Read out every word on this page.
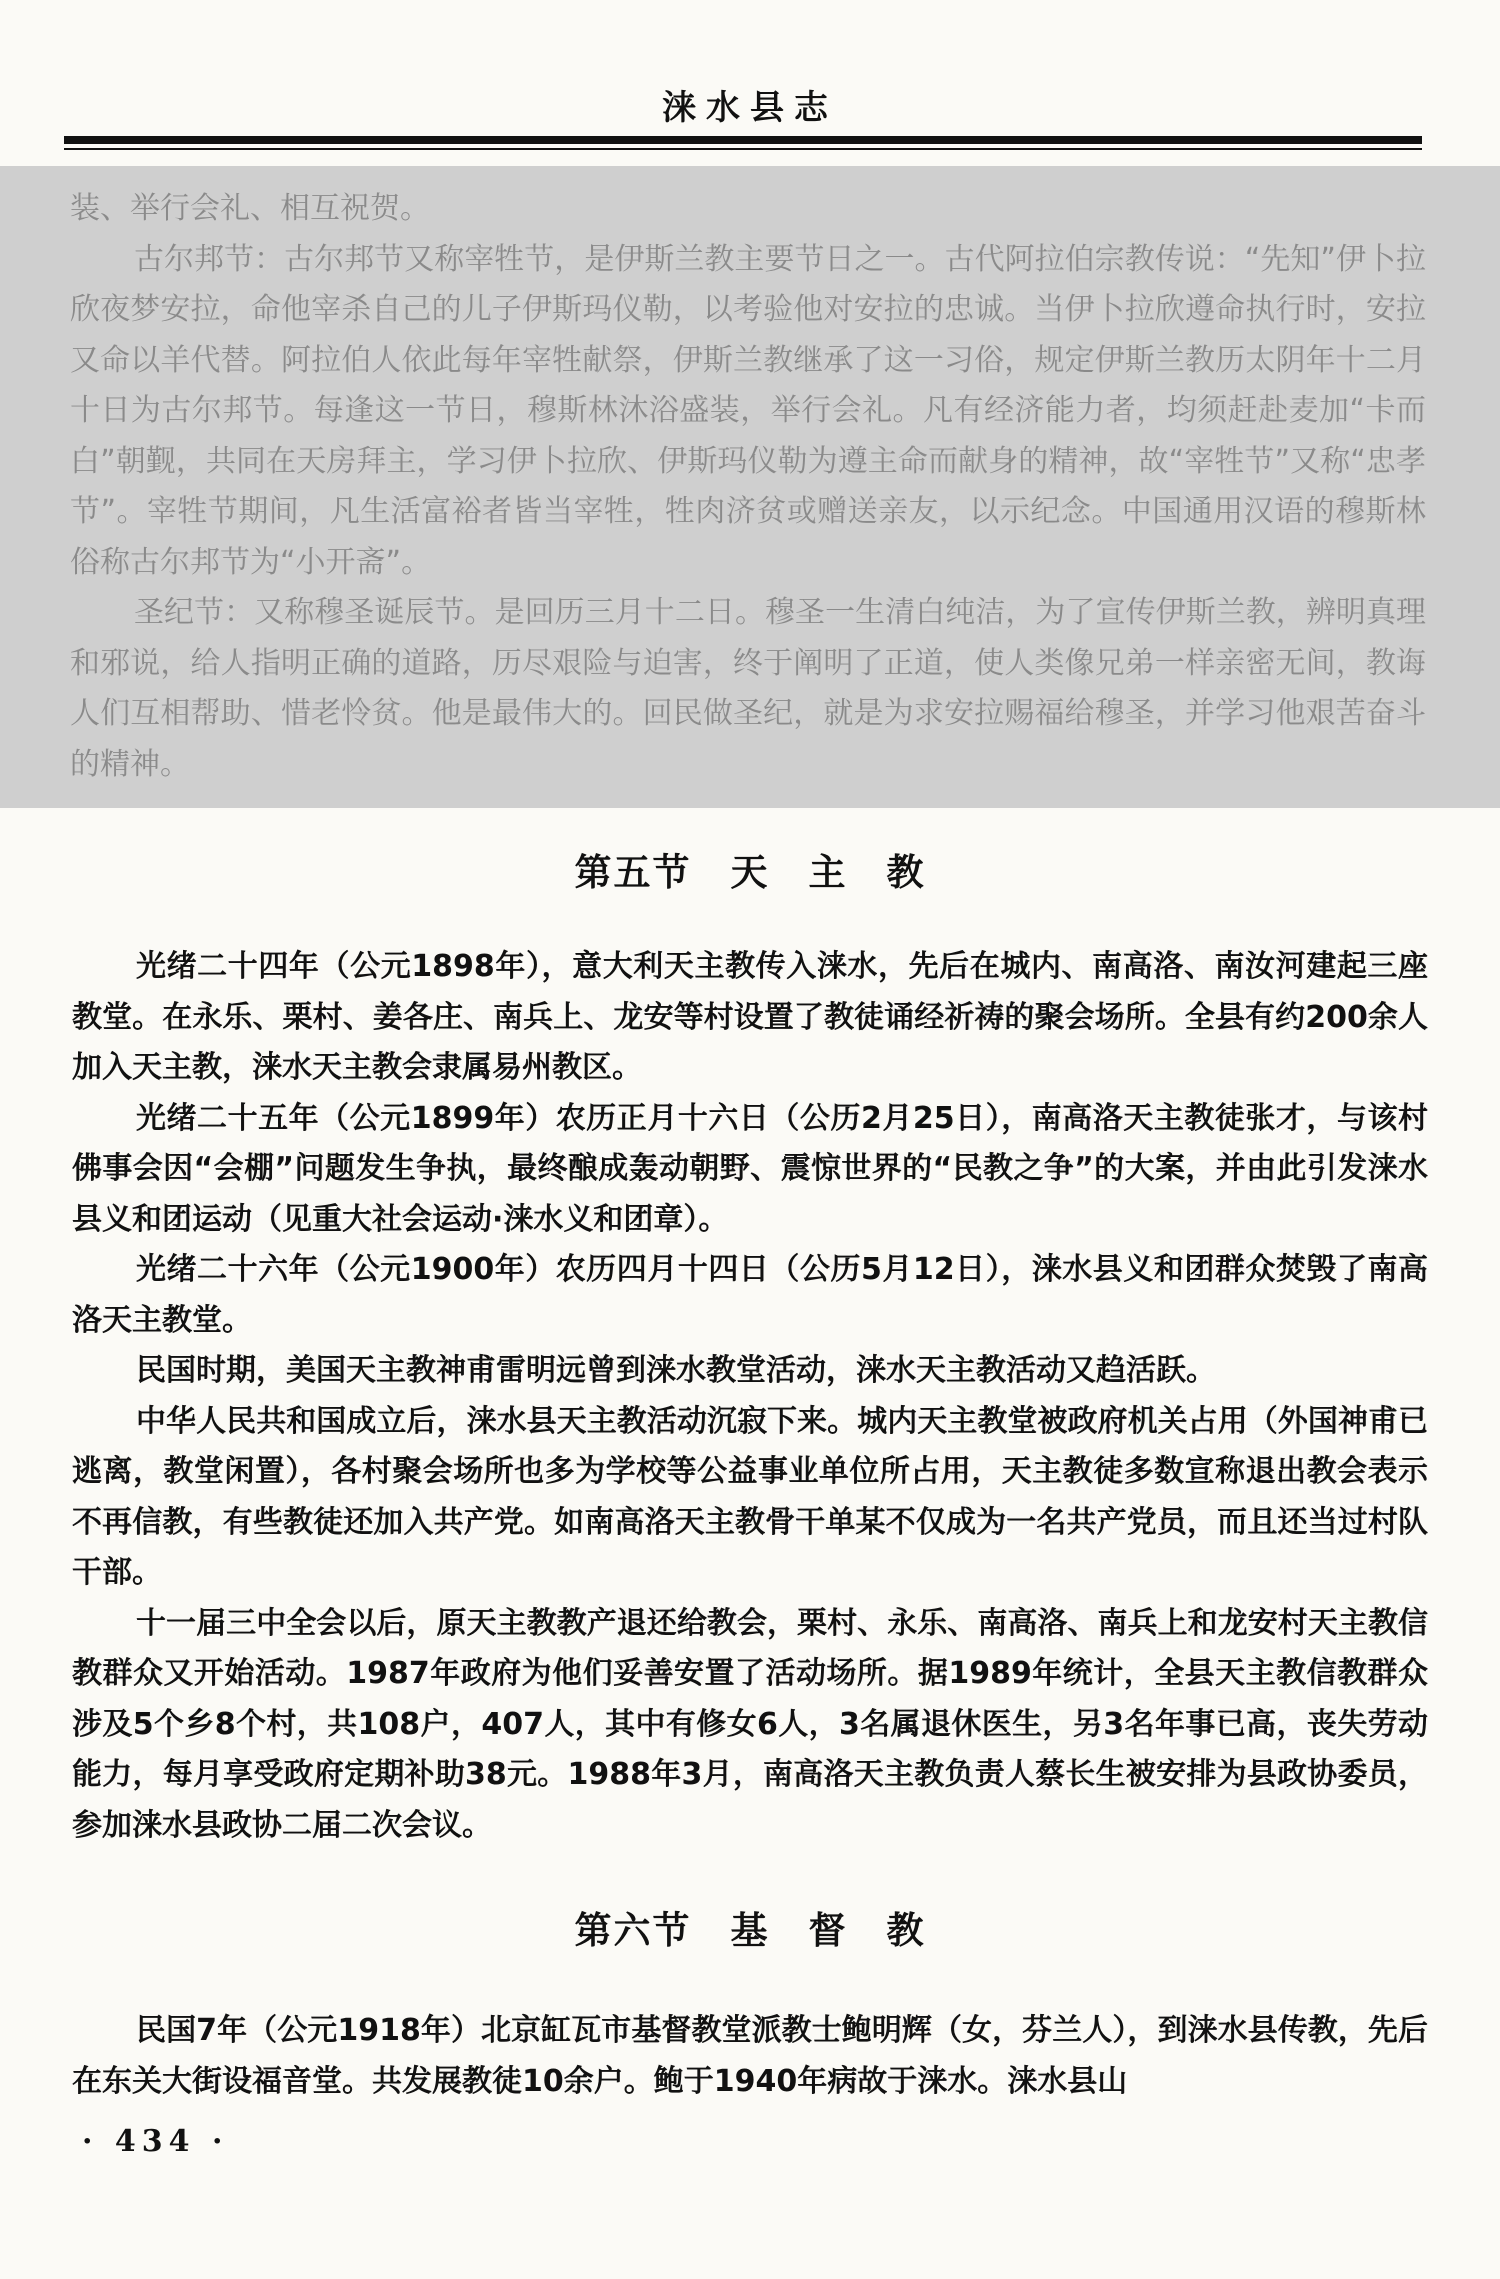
涞水县志

装、举行会礼、相互祝贺。

古尔邦节：古尔邦节又称宰牲节，是伊斯兰教主要节日之一。古代阿拉伯宗教传说：“先知”伊卜拉欣夜梦安拉，命他宰杀自己的儿子伊斯玛仪勒，以考验他对安拉的忠诚。当伊卜拉欣遵命执行时，安拉又命以羊代替。阿拉伯人依此每年宰牲献祭，伊斯兰教继承了这一习俗，规定伊斯兰教历太阴年十二月十日为古尔邦节。每逢这一节日，穆斯林沐浴盛装，举行会礼。凡有经济能力者，均须赶赴麦加“卡而白”朝觐，共同在天房拜主，学习伊卜拉欣、伊斯玛仪勒为遵主命而献身的精神，故“宰牲节”又称“忠孝节”。宰牲节期间，凡生活富裕者皆当宰牲，牲肉济贫或赠送亲友，以示纪念。中国通用汉语的穆斯林俗称古尔邦节为“小开斋”。

圣纪节：又称穆圣诞辰节。是回历三月十二日。穆圣一生清白纯洁，为了宣传伊斯兰教，辨明真理和邪说，给人指明正确的道路，历尽艰险与迫害，终于阐明了正道，使人类像兄弟一样亲密无间，教诲人们互相帮助、惜老怜贫。他是最伟大的。回民做圣纪，就是为求安拉赐福给穆圣，并学习他艰苦奋斗的精神。

第五节　天　主　教

光绪二十四年（公元1898年），意大利天主教传入涞水，先后在城内、南高洛、南汝河建起三座教堂。在永乐、栗村、姜各庄、南兵上、龙安等村设置了教徒诵经祈祷的聚会场所。全县有约200余人加入天主教，涞水天主教会隶属易州教区。

光绪二十五年（公元1899年）农历正月十六日（公历2月25日），南高洛天主教徒张才，与该村佛事会因“会棚”问题发生争执，最终酿成轰动朝野、震惊世界的“民教之争”的大案，并由此引发涞水县义和团运动（见重大社会运动·涞水义和团章）。

光绪二十六年（公元1900年）农历四月十四日（公历5月12日），涞水县义和团群众焚毁了南高洛天主教堂。

民国时期，美国天主教神甫雷明远曾到涞水教堂活动，涞水天主教活动又趋活跃。

中华人民共和国成立后，涞水县天主教活动沉寂下来。城内天主教堂被政府机关占用（外国神甫已逃离，教堂闲置），各村聚会场所也多为学校等公益事业单位所占用，天主教徒多数宣称退出教会表示不再信教，有些教徒还加入共产党。如南高洛天主教骨干单某不仅成为一名共产党员，而且还当过村队干部。

十一届三中全会以后，原天主教教产退还给教会，栗村、永乐、南高洛、南兵上和龙安村天主教信教群众又开始活动。1987年政府为他们妥善安置了活动场所。据1989年统计，全县天主教信教群众涉及5个乡8个村，共108户，407人，其中有修女6人，3名属退休医生，另3名年事已高，丧失劳动能力，每月享受政府定期补助38元。1988年3月，南高洛天主教负责人蔡长生被安排为县政协委员，参加涞水县政协二届二次会议。

第六节　基　督　教

民国7年（公元1918年）北京缸瓦市基督教堂派教士鲍明辉（女，芬兰人），到涞水县传教，先后在东关大街设福音堂。共发展教徒10余户。鲍于1940年病故于涞水。涞水县山

· 434 ·
